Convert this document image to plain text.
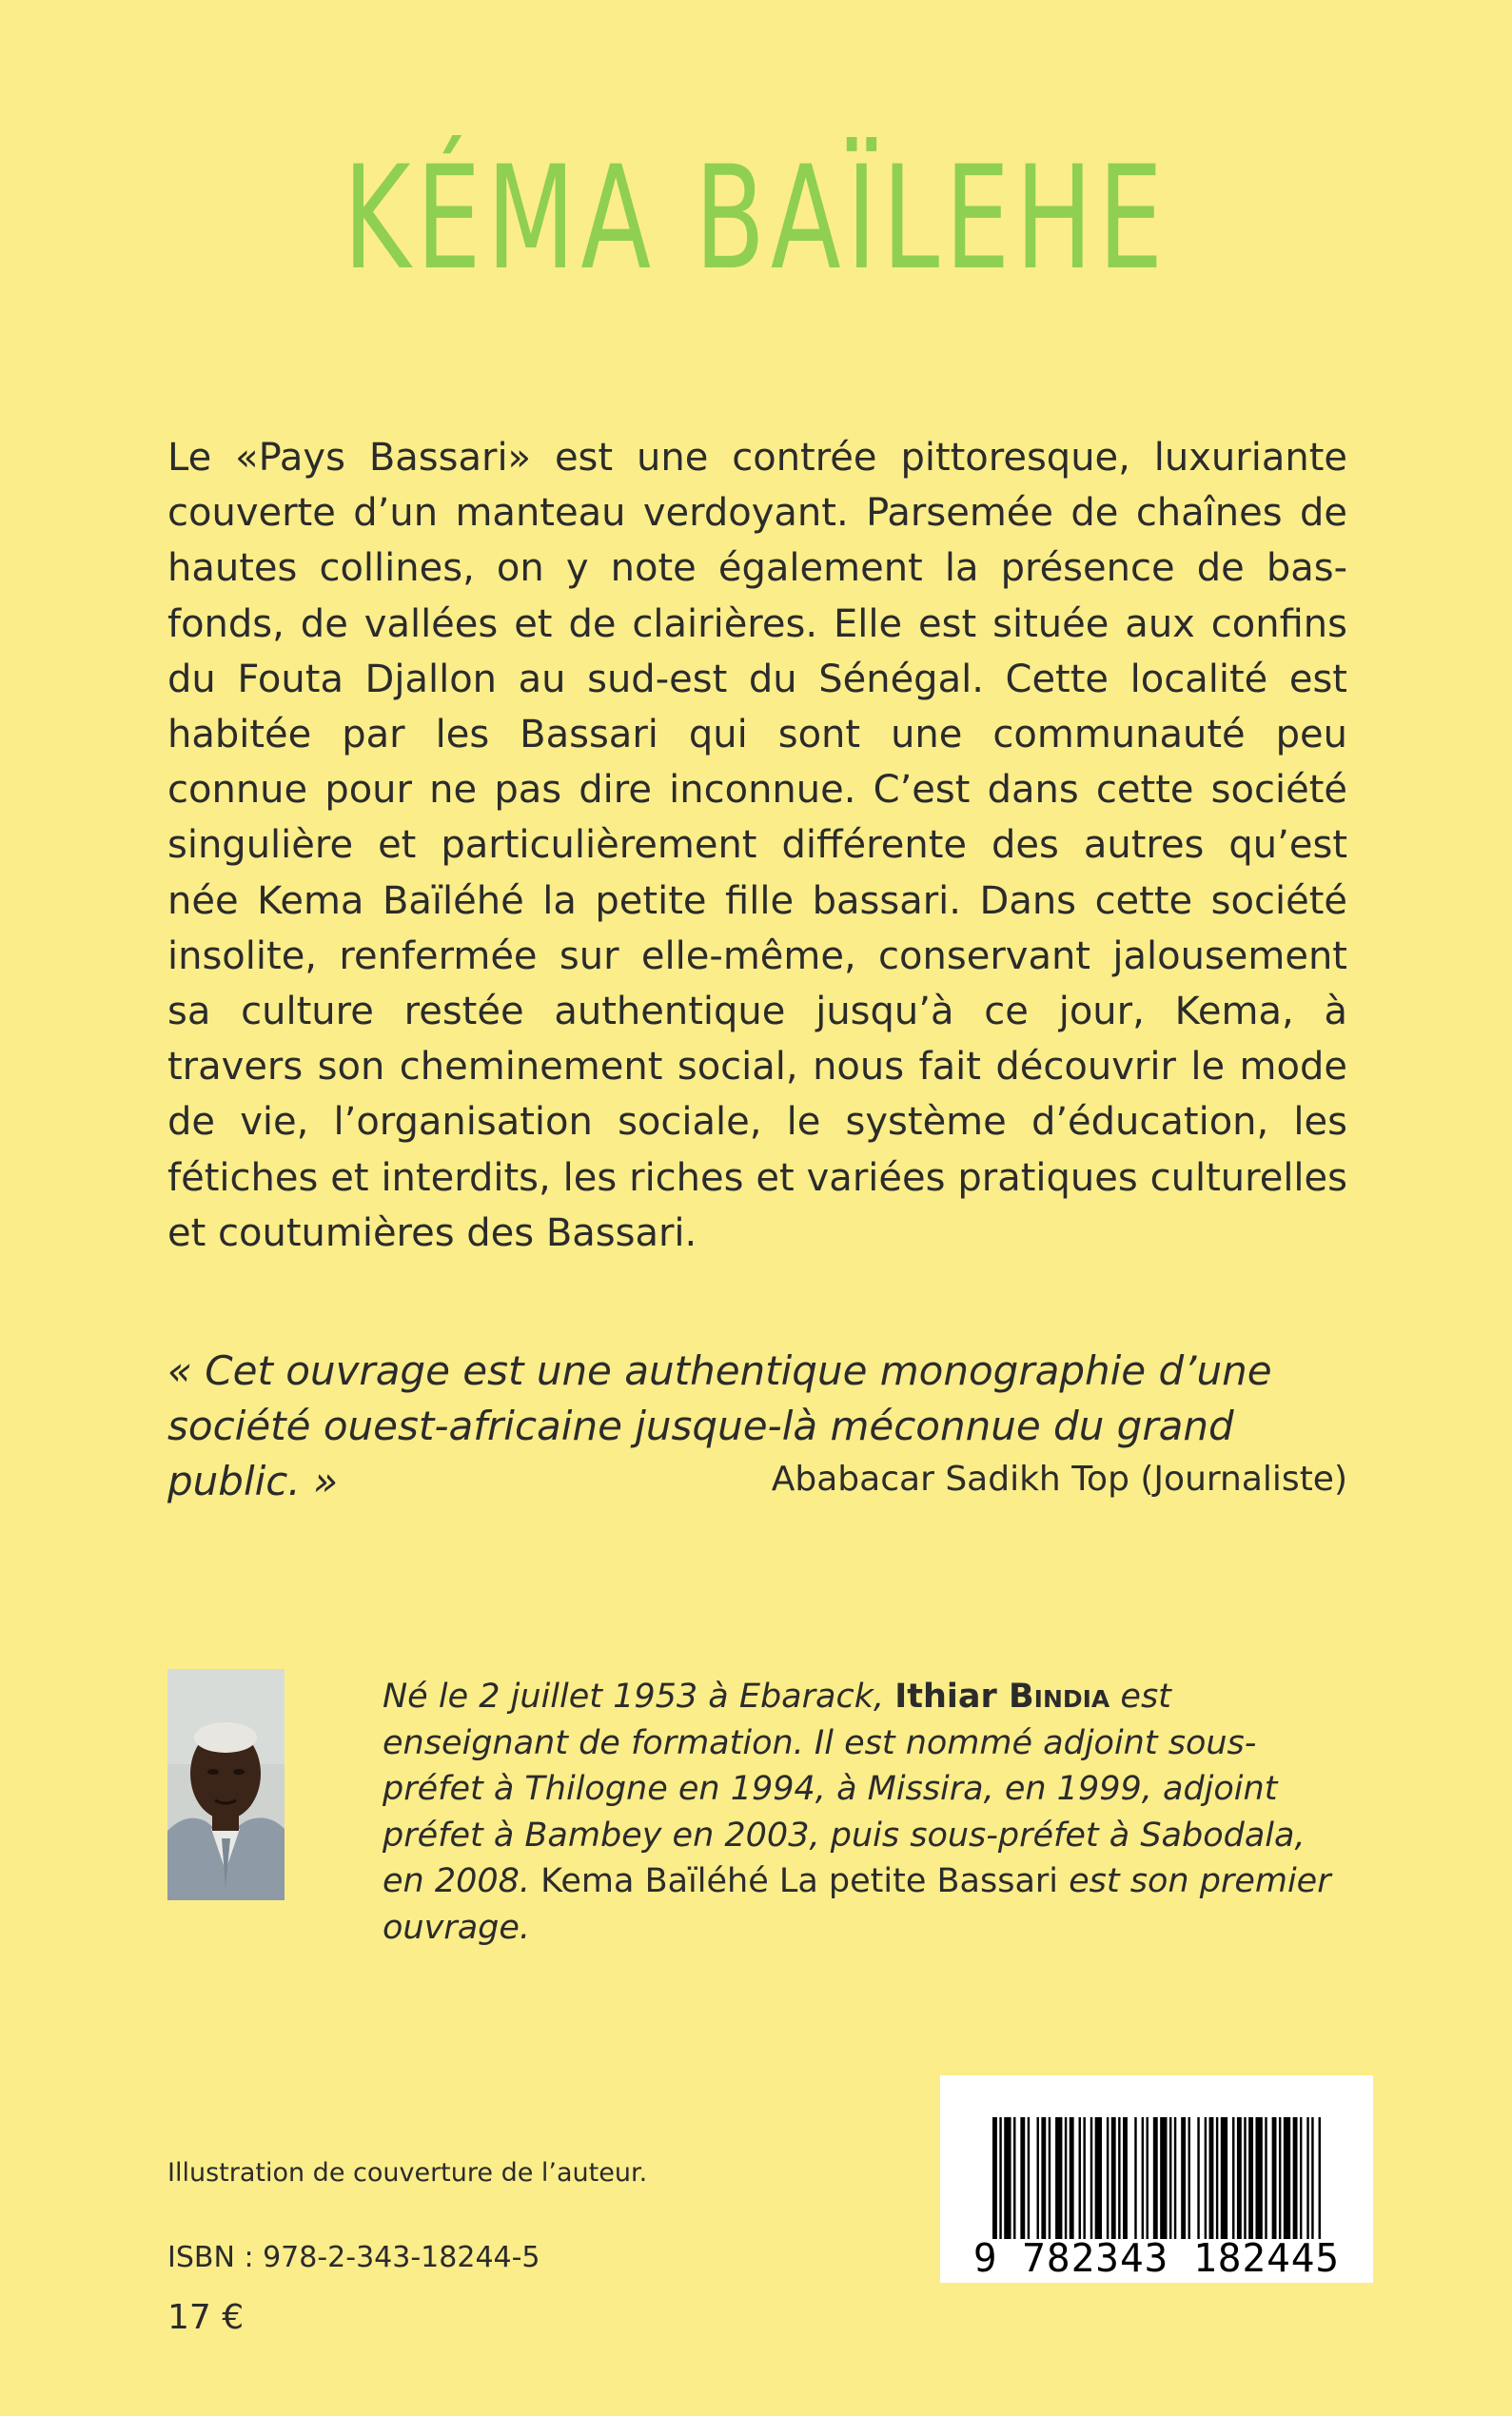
KÉMA BAÏLEHE

Le «Pays Bassari» est une contrée pittoresque, luxuriante couverte d’un manteau verdoyant. Parsemée de chaînes de hautes collines, on y note également la présence de bas-fonds, de vallées et de clairières. Elle est située aux confins du Fouta Djallon au sud-est du Sénégal. Cette localité est habitée par les Bassari qui sont une communauté peu connue pour ne pas dire inconnue. C’est dans cette société singulière et particulièrement différente des autres qu’est née Kema Baïléhé la petite fille bassari. Dans cette société insolite, renfermée sur elle-même, conservant jalousement sa culture restée authentique jusqu’à ce jour, Kema, à travers son cheminement social, nous fait découvrir le mode de vie, l’organisation sociale, le système d’éducation, les fétiches et interdits, les riches et variées pratiques culturelles et coutumières des Bassari.

« Cet ouvrage est une authentique monographie d’une société ouest-africaine jusque-là méconnue du grand public. »	Ababacar Sadikh Top (Journaliste)

Né le 2 juillet 1953 à Ebarack, Ithiar Bindia est enseignant de formation. Il est nommé adjoint sous-préfet à Thilogne en 1994, à Missira, en 1999, adjoint préfet à Bambey en 2003, puis sous-préfet à Sabodala, en 2008. Kema Baïléhé La petite Bassari est son premier ouvrage.

Illustration de couverture de l’auteur.

ISBN : 978-2-343-18244-5

17 €

9 782343 182445
